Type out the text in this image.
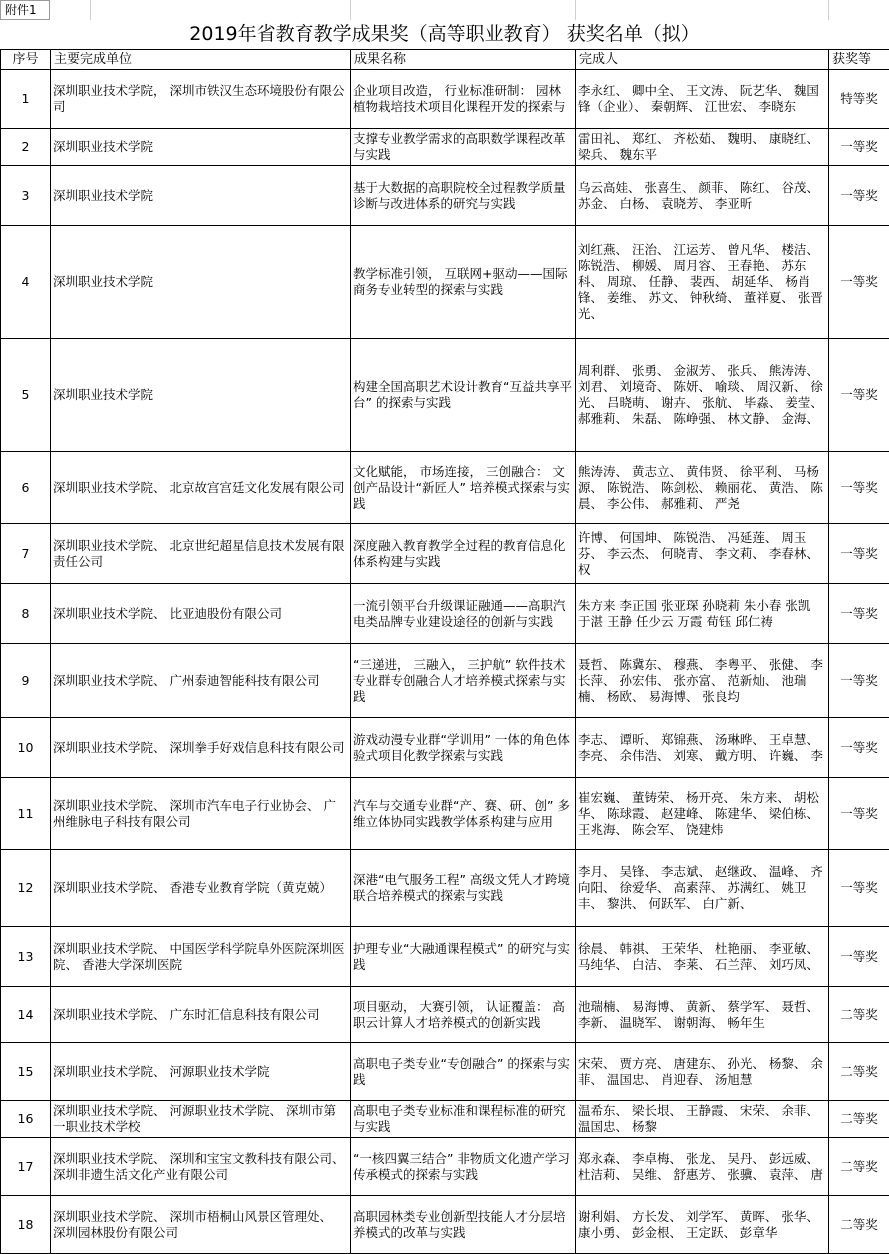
附件1
2019年省教育教学成果奖（高等职业教育） 获奖名单（拟）
序号	主要完成单位	成果名称	完成人	获奖等

1	深圳职业技术学院， 深圳市铁汉生态环境股份有限公司	企业项目改造， 行业标准研制： 园林植物栽培技术项目化课程开发的探索与	李永红、 卿中全、 王文涛、 阮艺华、 魏国锋（企业）、 秦朝辉、 江世宏、 李晓东	特等奖

2	深圳职业技术学院	支撑专业教学需求的高职数学课程改革与实践	雷田礼、 郑红、 齐松茹、 魏明、 康晓红、 梁兵、 魏东平	一等奖

3	深圳职业技术学院	基于大数据的高职院校全过程教学质量诊断与改进体系的研究与实践	乌云高娃、 张喜生、 颜菲、 陈红、 谷茂、 苏金、 白杨、 袁晓芳、 李亚昕	一等奖

4	深圳职业技术学院	教学标准引领， 互联网+驱动——国际商务专业转型的探索与实践	刘红燕、 汪治、 江运芳、 曾凡华、 楼洁、 陈锐浩、 柳媛、 周月容、 王春艳、 苏东科、 周琼、 任静、 裴西、 胡延华、 杨肖锋、 姜维、 苏文、 钟秋绮、 董祥夏、 张晋光、	一等奖

5	深圳职业技术学院	构建全国高职艺术设计教育“互益共享平台” 的探索与实践	周利群、 张勇、 金淑芳、 张兵、 熊涛涛、 刘君、 刘境奇、 陈妍、 喻琰、 周汉新、 徐光、 吕晓萌、 谢卉、 张航、 毕淼、 姜莹、 郝雅莉、 朱磊、 陈峥强、 林文静、 金海、	一等奖

6	深圳职业技术学院、 北京故宫宫廷文化发展有限公司	文化赋能， 市场连接， 三创融合： 文创产品设计“新匠人” 培养模式探索与实践	熊涛涛、 黄志立、 黄伟贤、 徐平利、 马杨源、 陈锐浩、 陈剑松、 赖丽花、 黄浩、 陈晨、 李公伟、 郝雅莉、 严尧	一等奖

7	深圳职业技术学院、 北京世纪超星信息技术发展有限责任公司	深度融入教育教学全过程的教育信息化体系构建与实践	许博、 何国坤、 陈锐浩、 冯延莲、 周玉芬、 李云杰、 何晓青、 李文莉、 李春林、 权	一等奖

8	深圳职业技术学院、 比亚迪股份有限公司	一流引领平台升级课证融通——高职汽电类品牌专业建设途径的创新与实践	朱方来 李正国 张亚琛 孙晓莉 朱小春 张凯 于湛 王静 任少云 万霞 荀钰 邱仁祷	一等奖

9	深圳职业技术学院、 广州泰迪智能科技有限公司	“三递进， 三融入， 三护航” 软件技术专业群专创融合人才培养模式探索与实践	聂哲、 陈冀东、 穆燕、 李粤平、 张健、 李长萍、 孙宏伟、 张亦富、 范新灿、 池瑞楠、 杨欧、 易海博、 张良均	一等奖

10	深圳职业技术学院、 深圳拳手好戏信息科技有限公司	游戏动漫专业群“学训用” 一体的角色体验式项目化教学探索与实践	李志、 谭昕、 郑锦燕、 汤琳晔、 王卓慧、 李亮、 余伟浩、 刘寒、 戴方明、 许巍、 李	一等奖

11	深圳职业技术学院、 深圳市汽车电子行业协会、 广州维脉电子科技有限公司	汽车与交通专业群“产、赛、研、创” 多维立体协同实践教学体系构建与应用	崔宏巍、 董铸荣、 杨开亮、 朱方来、 胡松华、 陈球霞、 赵建峰、 陈建华、 梁伯栋、 王兆海、 陈会军、 饶建炜	一等奖

12	深圳职业技术学院、 香港专业教育学院（黄克兢）	深港“电气服务工程” 高级文凭人才跨境联合培养模式的探索与实践	李月、 吴锋、 李志斌、 赵继政、 温峰、 齐向阳、 徐爱华、 高素萍、 苏满红、 姚卫丰、 黎洪、 何跃军、 白广新、	一等奖

13	深圳职业技术学院、 中国医学科学院阜外医院深圳医院、 香港大学深圳医院	护理专业“大融通课程模式” 的研究与实践	徐晨、 韩祺、 王荣华、 杜艳丽、 李亚敏、 马纯华、 白洁、 李莱、 石兰萍、 刘巧凤、	一等奖

14	深圳职业技术学院、 广东时汇信息科技有限公司	项目驱动， 大赛引领， 认证覆盖： 高职云计算人才培养模式的创新实践	池瑞楠、 易海博、 黄新、 蔡学军、 聂哲、 李新、 温晓军、 谢朝海、 畅年生	二等奖

15	深圳职业技术学院、 河源职业技术学院	高职电子类专业“专创融合” 的探索与实践	宋荣、 贾方亮、 唐建东、 孙光、 杨黎、 余菲、 温国忠、 肖迎春、 汤旭慧	二等奖

16	深圳职业技术学院、 河源职业技术学院、 深圳市第一职业技术学校	高职电子类专业标准和课程标准的研究与实践	温希东、 梁长垠、 王静霞、 宋荣、 余菲、 温国忠、 杨黎	二等奖

17	深圳职业技术学院、 深圳和宝宝文教科技有限公司、 深圳非遗生活文化产业有限公司	“一核四翼三结合” 非物质文化遗产学习传承模式的探索与实践	郑永森、 李卓梅、 张龙、 吴丹、 彭远威、 杜洁莉、 吴维、 舒惠芳、 张骥、 袁萍、 唐	二等奖

18	深圳职业技术学院、 深圳市梧桐山风景区管理处、 深圳园林股份有限公司	高职园林类专业创新型技能人才分层培养模式的改革与实践	谢利娟、 方长发、 刘学军、 黄晖、 张华、 康小勇、 彭金根、 王定跃、 彭章华	二等奖
